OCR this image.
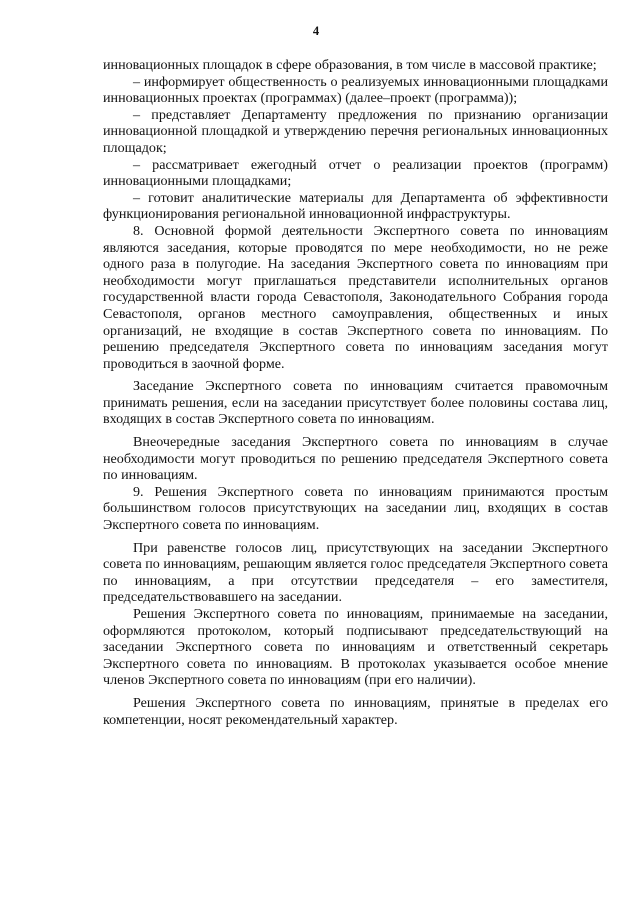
4

инновационных площадок в сфере образования, в том числе в массовой практике;

– информирует общественность о реализуемых инновационными площадками инновационных проектах (программах) (далее–проект (программа));

– представляет Департаменту предложения по признанию организации инновационной площадкой и утверждению перечня региональных инновационных площадок;

– рассматривает ежегодный отчет о реализации проектов (программ) инновационными площадками;

– готовит аналитические материалы для Департамента об эффективности функционирования региональной инновационной инфраструктуры.

8. Основной формой деятельности Экспертного совета по инновациям являются заседания, которые проводятся по мере необходимости, но не реже одного раза в полугодие. На заседания Экспертного совета по инновациям при необходимости могут приглашаться представители исполнительных органов государственной власти города Севастополя, Законодательного Собрания города Севастополя, органов местного самоуправления, общественных и иных организаций, не входящие в состав Экспертного совета по инновациям. По решению председателя Экспертного совета по инновациям заседания могут проводиться в заочной форме.

Заседание Экспертного совета по инновациям считается правомочным принимать решения, если на заседании присутствует более половины состава лиц, входящих в состав Экспертного совета по инновациям.

Внеочередные заседания Экспертного совета по инновациям в случае необходимости могут проводиться по решению председателя Экспертного совета по инновациям.

9. Решения Экспертного совета по инновациям принимаются простым большинством голосов присутствующих на заседании лиц, входящих в состав Экспертного совета по инновациям.

При равенстве голосов лиц, присутствующих на заседании Экспертного совета по инновациям, решающим является голос председателя Экспертного совета по инновациям, а при отсутствии председателя – его заместителя, председательствовавшего на заседании.

Решения Экспертного совета по инновациям, принимаемые на заседании, оформляются протоколом, который подписывают председательствующий на заседании Экспертного совета по инновациям и ответственный секретарь Экспертного совета по инновациям. В протоколах указывается особое мнение членов Экспертного совета по инновациям (при его наличии).

Решения Экспертного совета по инновациям, принятые в пределах его компетенции, носят рекомендательный характер.
